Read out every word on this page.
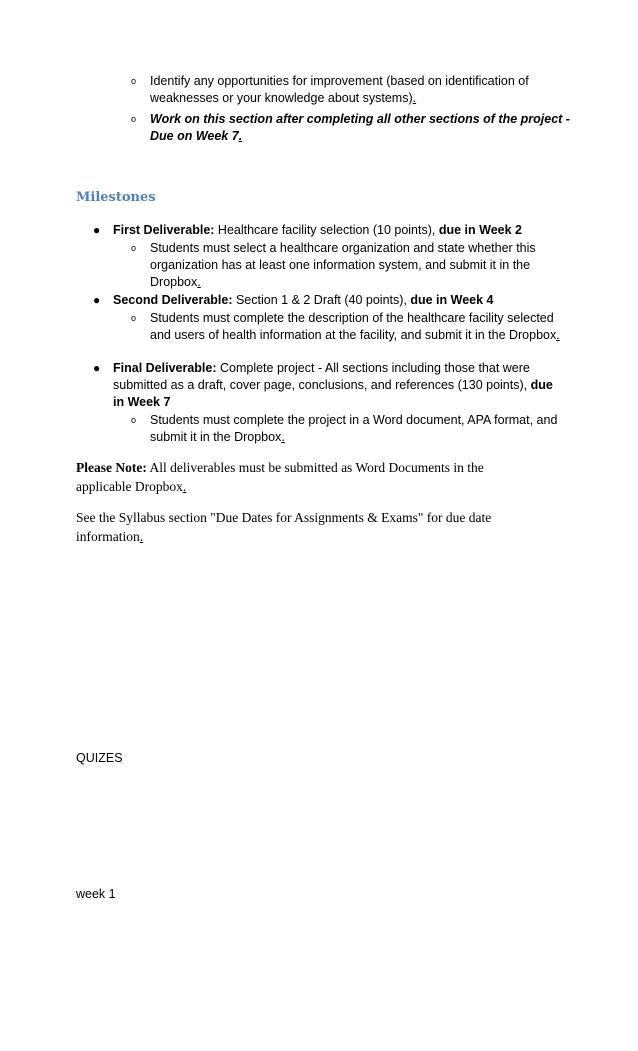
o Identify any opportunities for improvement (based on identification of weaknesses or your knowledge about systems).
o Work on this section after completing all other sections of the project - Due on Week 7.
Milestones
● First Deliverable: Healthcare facility selection (10 points), due in Week 2
o Students must select a healthcare organization and state whether this organization has at least one information system, and submit it in the Dropbox.
● Second Deliverable: Section 1 & 2 Draft (40 points), due in Week 4
o Students must complete the description of the healthcare facility selected and users of health information at the facility, and submit it in the Dropbox.
● Final Deliverable: Complete project - All sections including those that were submitted as a draft, cover page, conclusions, and references (130 points), due in Week 7
o Students must complete the project in a Word document, APA format, and submit it in the Dropbox.
Please Note: All deliverables must be submitted as Word Documents in the applicable Dropbox.
See the Syllabus section "Due Dates for Assignments & Exams" for due date information.
QUIZES
week 1
